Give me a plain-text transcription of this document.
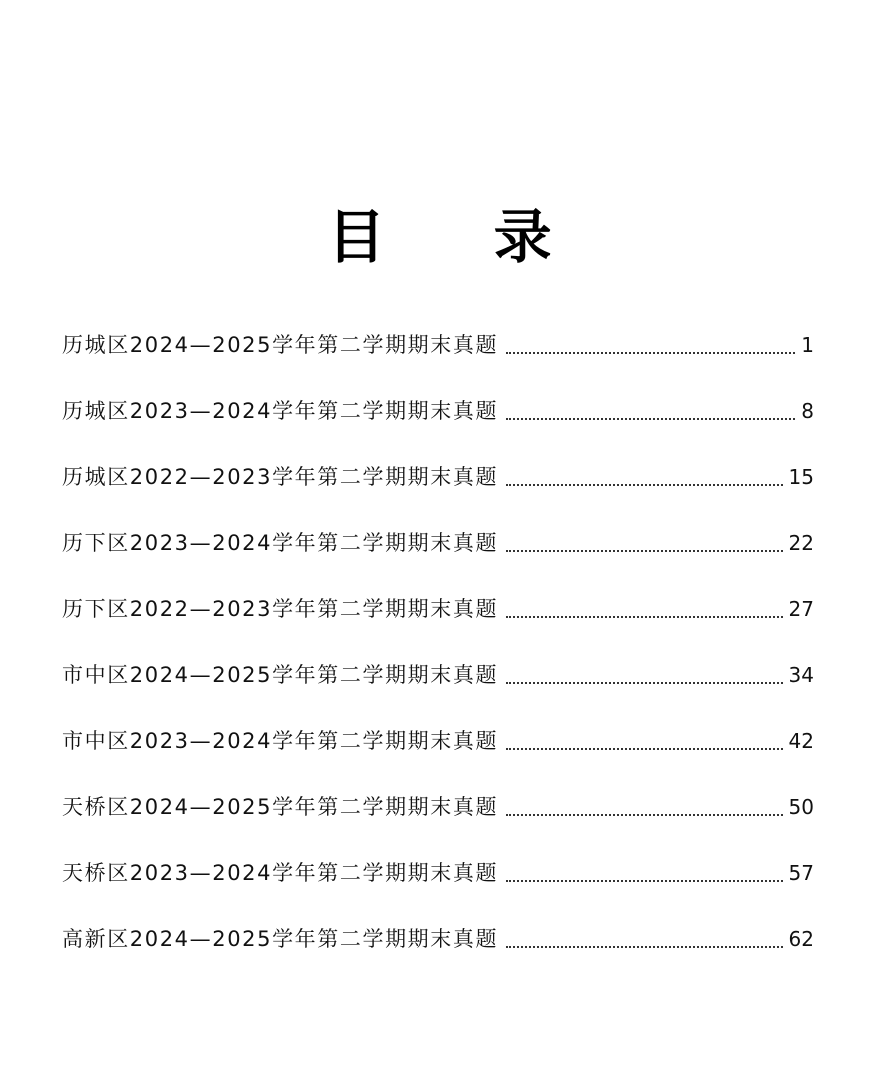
目 录
历城区2024—2025学年第二学期期末真题	1
历城区2023—2024学年第二学期期末真题	8
历城区2022—2023学年第二学期期末真题	15
历下区2023—2024学年第二学期期末真题	22
历下区2022—2023学年第二学期期末真题	27
市中区2024—2025学年第二学期期末真题	34
市中区2023—2024学年第二学期期末真题	42
天桥区2024—2025学年第二学期期末真题	50
天桥区2023—2024学年第二学期期末真题	57
高新区2024—2025学年第二学期期末真题	62
